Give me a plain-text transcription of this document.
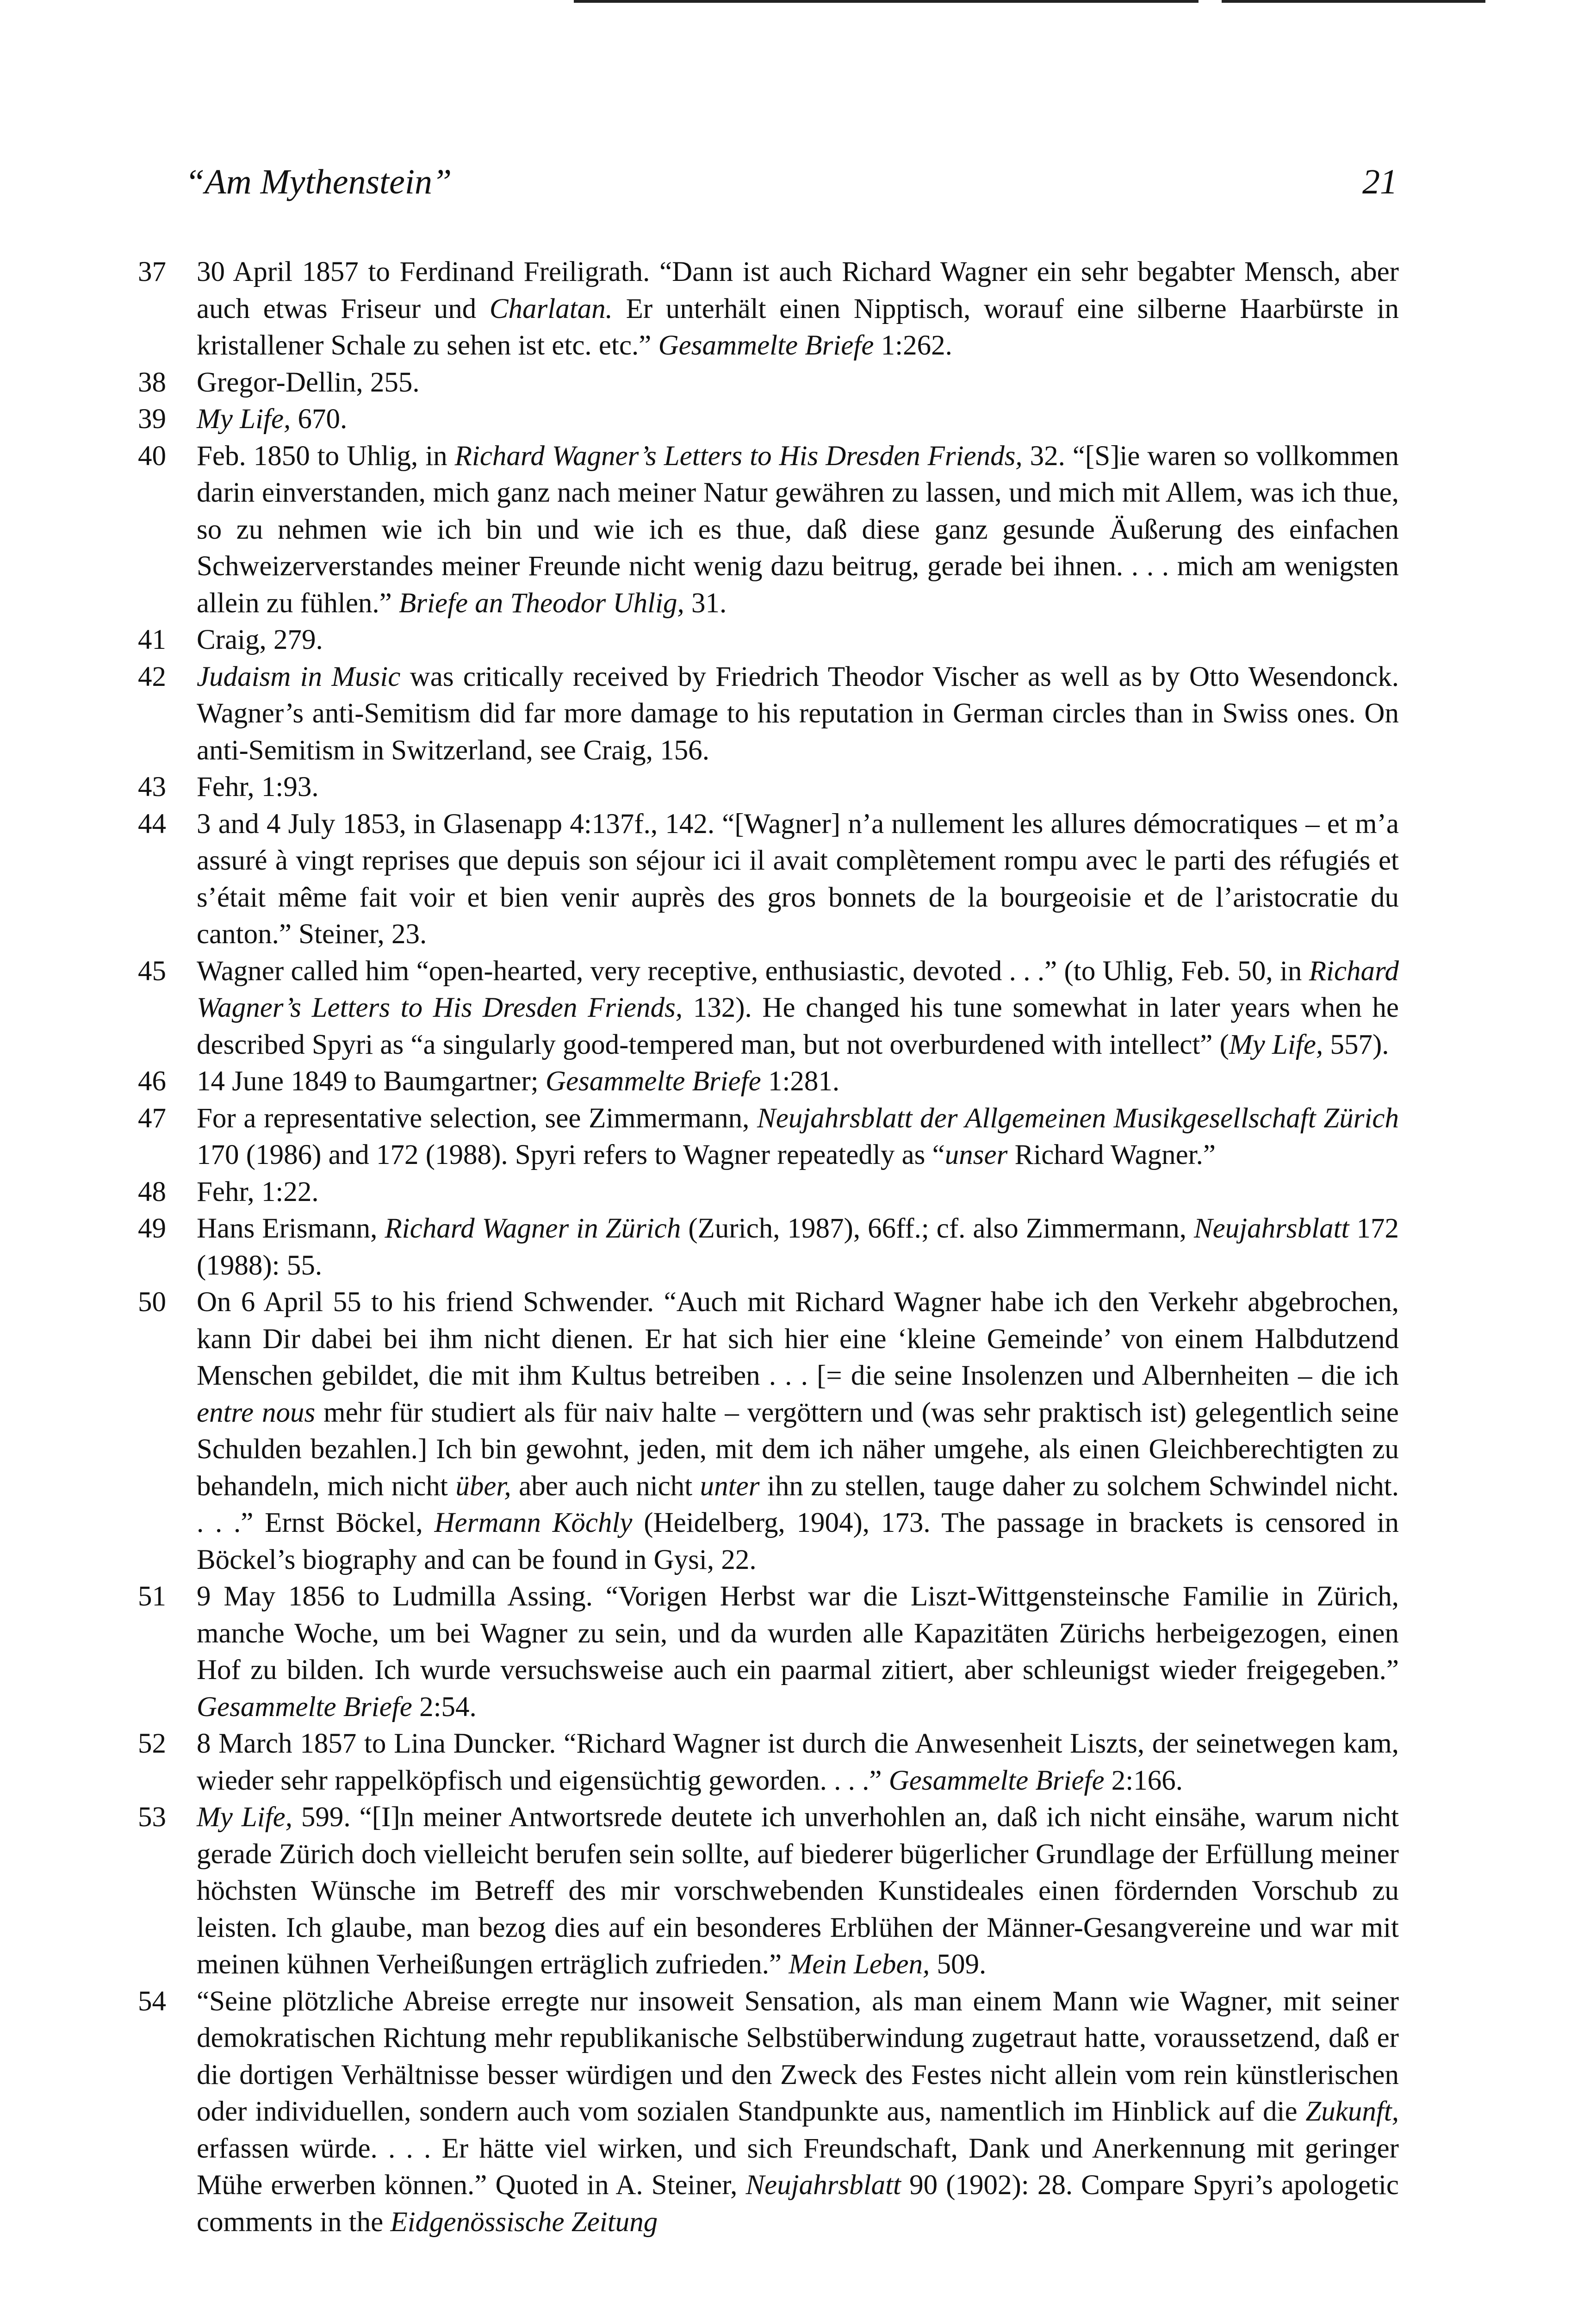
“Am Mythenstein”	21
37 30 April 1857 to Ferdinand Freiligrath. “Dann ist auch Richard Wagner ein sehr begabter Mensch, aber auch etwas Friseur und Charlatan. Er unterhält einen Nipptisch, worauf eine silberne Haarbürste in kristallener Schale zu sehen ist etc. etc.” Gesammelte Briefe 1:262.
38 Gregor-Dellin, 255.
39 My Life, 670.
40 Feb. 1850 to Uhlig, in Richard Wagner’s Letters to His Dresden Friends, 32. “[S]ie waren so vollkommen darin einverstanden, mich ganz nach meiner Natur gewähren zu lassen, und mich mit Allem, was ich thue, so zu nehmen wie ich bin und wie ich es thue, daß diese ganz gesunde Äußerung des einfachen Schweizerverstandes meiner Freunde nicht wenig dazu beitrug, gerade bei ihnen. . . . mich am wenigsten allein zu fühlen.” Briefe an Theodor Uhlig, 31.
41 Craig, 279.
42 Judaism in Music was critically received by Friedrich Theodor Vischer as well as by Otto Wesendonck. Wagner’s anti-Semitism did far more damage to his reputation in German circles than in Swiss ones. On anti-Semitism in Switzerland, see Craig, 156.
43 Fehr, 1:93.
44 3 and 4 July 1853, in Glasenapp 4:137f., 142. “[Wagner] n’a nullement les allures démocratiques – et m’a assuré à vingt reprises que depuis son séjour ici il avait complètement rompu avec le parti des réfugiés et s’était même fait voir et bien venir auprès des gros bonnets de la bourgeoisie et de l’aristocratie du canton.” Steiner, 23.
45 Wagner called him “open-hearted, very receptive, enthusiastic, devoted . . .” (to Uhlig, Feb. 50, in Richard Wagner’s Letters to His Dresden Friends, 132). He changed his tune somewhat in later years when he described Spyri as “a singularly good-tempered man, but not overburdened with intellect” (My Life, 557).
46 14 June 1849 to Baumgartner; Gesammelte Briefe 1:281.
47 For a representative selection, see Zimmermann, Neujahrsblatt der Allgemeinen Musikgesellschaft Zürich 170 (1986) and 172 (1988). Spyri refers to Wagner repeatedly as “unser Richard Wagner.”
48 Fehr, 1:22.
49 Hans Erismann, Richard Wagner in Zürich (Zurich, 1987), 66ff.; cf. also Zimmermann, Neujahrsblatt 172 (1988): 55.
50 On 6 April 55 to his friend Schwender. “Auch mit Richard Wagner habe ich den Verkehr abgebrochen, kann Dir dabei bei ihm nicht dienen. Er hat sich hier eine ‘kleine Gemeinde’ von einem Halbdutzend Menschen gebildet, die mit ihm Kultus betreiben . . . [= die seine Insolenzen und Albernheiten – die ich entre nous mehr für studiert als für naiv halte – vergöttern und (was sehr praktisch ist) gelegentlich seine Schulden bezahlen.] Ich bin gewohnt, jeden, mit dem ich näher umgehe, als einen Gleichberechtigten zu behandeln, mich nicht über, aber auch nicht unter ihn zu stellen, tauge daher zu solchem Schwindel nicht. . . .” Ernst Böckel, Hermann Köchly (Heidelberg, 1904), 173. The passage in brackets is censored in Böckel’s biography and can be found in Gysi, 22.
51 9 May 1856 to Ludmilla Assing. “Vorigen Herbst war die Liszt-Wittgensteinsche Familie in Zürich, manche Woche, um bei Wagner zu sein, und da wurden alle Kapazitäten Zürichs herbeigezogen, einen Hof zu bilden. Ich wurde versuchsweise auch ein paarmal zitiert, aber schleunigst wieder freigegeben.” Gesammelte Briefe 2:54.
52 8 March 1857 to Lina Duncker. “Richard Wagner ist durch die Anwesenheit Liszts, der seinetwegen kam, wieder sehr rappelköpfisch und eigensüchtig geworden. . . .” Gesammelte Briefe 2:166.
53 My Life, 599. “[I]n meiner Antwortsrede deutete ich unverhohlen an, daß ich nicht einsähe, warum nicht gerade Zürich doch vielleicht berufen sein sollte, auf biederer bügerlicher Grundlage der Erfüllung meiner höchsten Wünsche im Betreff des mir vorschwebenden Kunstideales einen fördernden Vorschub zu leisten. Ich glaube, man bezog dies auf ein besonderes Erblühen der Männer-Gesangvereine und war mit meinen kühnen Verheißungen erträglich zufrieden.” Mein Leben, 509.
54 “Seine plötzliche Abreise erregte nur insoweit Sensation, als man einem Mann wie Wagner, mit seiner demokratischen Richtung mehr republikanische Selbstüberwindung zugetraut hatte, voraussetzend, daß er die dortigen Verhältnisse besser würdigen und den Zweck des Festes nicht allein vom rein künstlerischen oder individuellen, sondern auch vom sozialen Standpunkte aus, namentlich im Hinblick auf die Zukunft, erfassen würde. . . . Er hätte viel wirken, und sich Freundschaft, Dank und Anerkennung mit geringer Mühe erwerben können.” Quoted in A. Steiner, Neujahrsblatt 90 (1902): 28. Compare Spyri’s apologetic comments in the Eidgenössische Zeitung
